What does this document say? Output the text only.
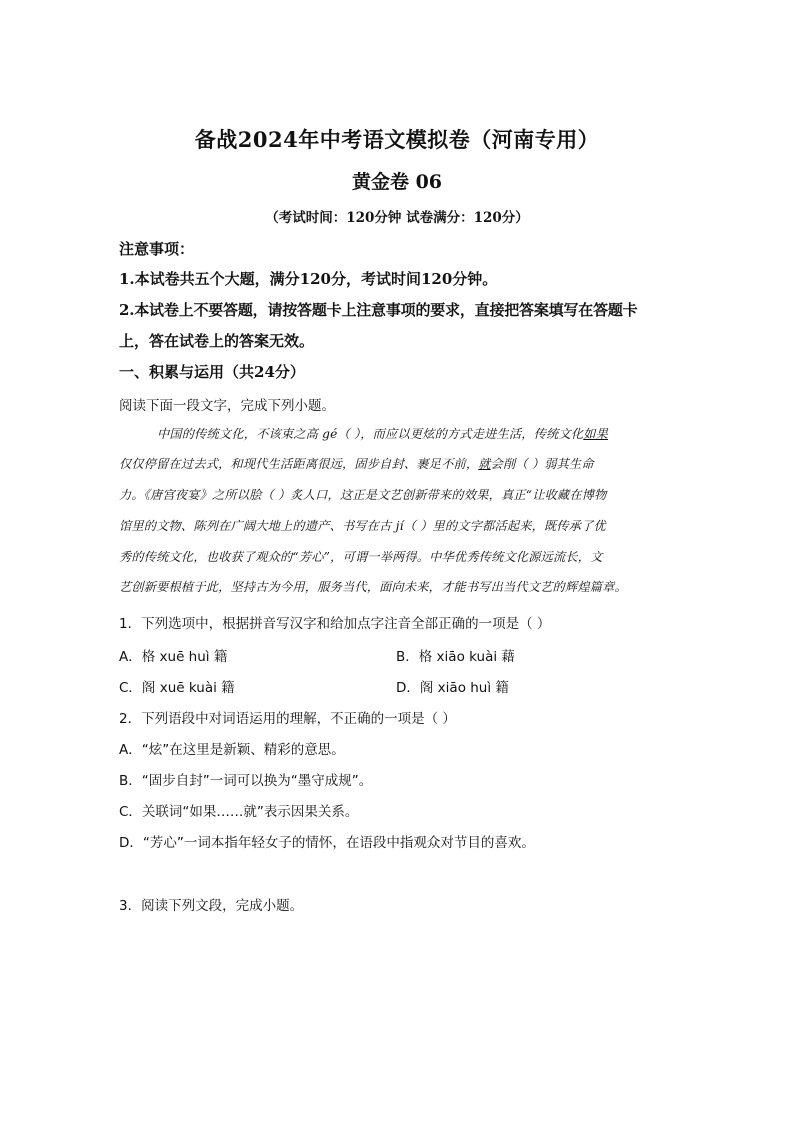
备战2024年中考语文模拟卷（河南专用）
黄金卷 06
（考试时间：120分钟 试卷满分：120分）
注意事项：
1.本试卷共五个大题，满分120分，考试时间120分钟。
2.本试卷上不要答题，请按答题卡上注意事项的要求，直接把答案填写在答题卡
上，答在试卷上的答案无效。
一、积累与运用（共24分）
阅读下面一段文字，完成下列小题。
中国的传统文化，不该束之高 gé（ ），而应以更炫的方式走进生活，传统文化如果
仅仅停留在过去式，和现代生活距离很远，固步自封、裹足不前，就会削（ ）弱其生命
力。《唐宫夜宴》之所以脍（ ）炙人口，这正是文艺创新带来的效果，真正“让收藏在博物
馆里的文物、陈列在广阔大地上的遗产、书写在古 jí（ ）里的文字都活起来，既传承了优
秀的传统文化，也收获了观众的“芳心”，可谓一举两得。中华优秀传统文化源远流长，文
艺创新要根植于此，坚持古为今用，服务当代，面向未来，才能书写出当代文艺的辉煌篇章。
1．下列选项中，根据拼音写汉字和给加点字注音全部正确的一项是（ ）
A．格 xuē huì 籍	B．格 xiāo kuài 藉
C．阁 xuē kuài 籍	D．阁 xiāo huì 籍
2．下列语段中对词语运用的理解，不正确的一项是（ ）
A．“炫”在这里是新颖、精彩的意思。
B．“固步自封”一词可以换为“墨守成规”。
C．关联词“如果……就”表示因果关系。
D．“芳心”一词本指年轻女子的情怀，在语段中指观众对节目的喜欢。
3．阅读下列文段，完成小题。
